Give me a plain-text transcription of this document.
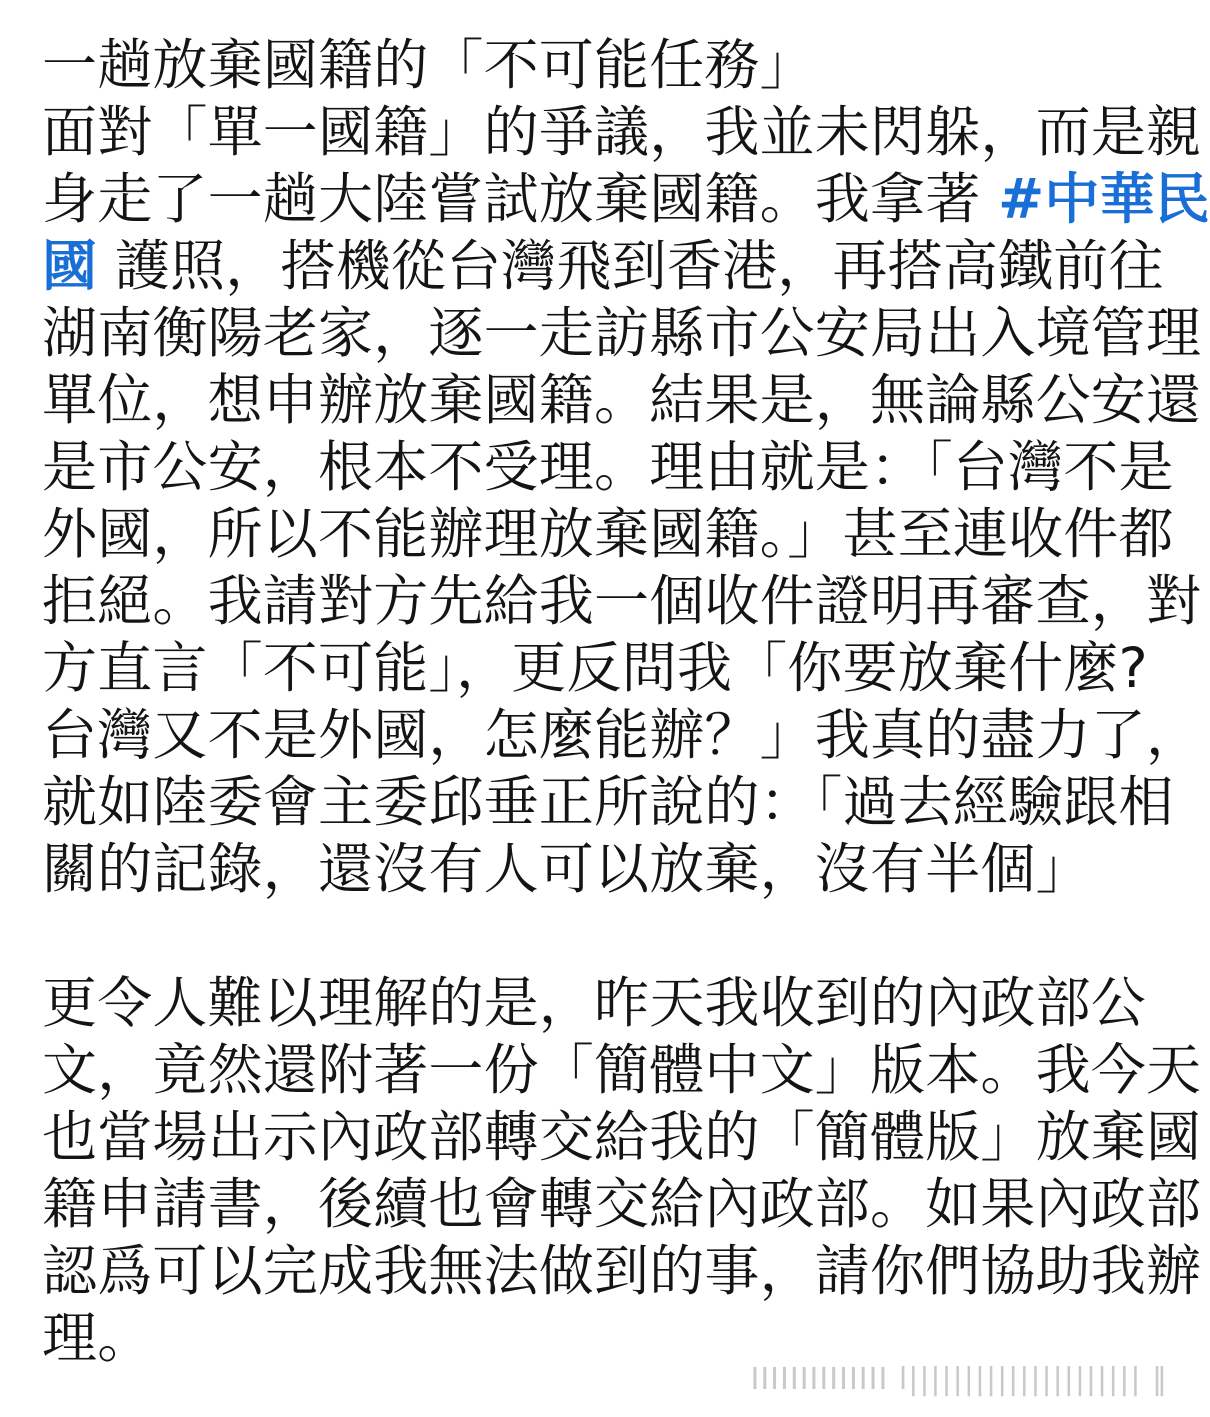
一趟放棄國籍的「不可能任務」
面對「單一國籍」的爭議，我並未閃躲，而是親
身走了一趟大陸嘗試放棄國籍。我拿著 #中華民
國 護照，搭機從台灣飛到香港，再搭高鐵前往
湖南衡陽老家，逐一走訪縣市公安局出入境管理
單位，想申辦放棄國籍。結果是，無論縣公安還
是市公安，根本不受理。理由就是：「台灣不是
外國，所以不能辦理放棄國籍。」甚至連收件都
拒絕。我請對方先給我一個收件證明再審查，對
方直言「不可能」，更反問我「你要放棄什麼?
台灣又不是外國，怎麼能辦？」我真的盡力了，
就如陸委會主委邱垂正所說的：「過去經驗跟相
關的記錄，還沒有人可以放棄，沒有半個」
更令人難以理解的是，昨天我收到的內政部公
文，竟然還附著一份「簡體中文」版本。我今天
也當場出示內政部轉交給我的「簡體版」放棄國
籍申請書，後續也會轉交給內政部。如果內政部
認爲可以完成我無法做到的事，請你們協助我辦
理。
IIIIIIIIIIIIII l||||||||||||||||||||| ‖
